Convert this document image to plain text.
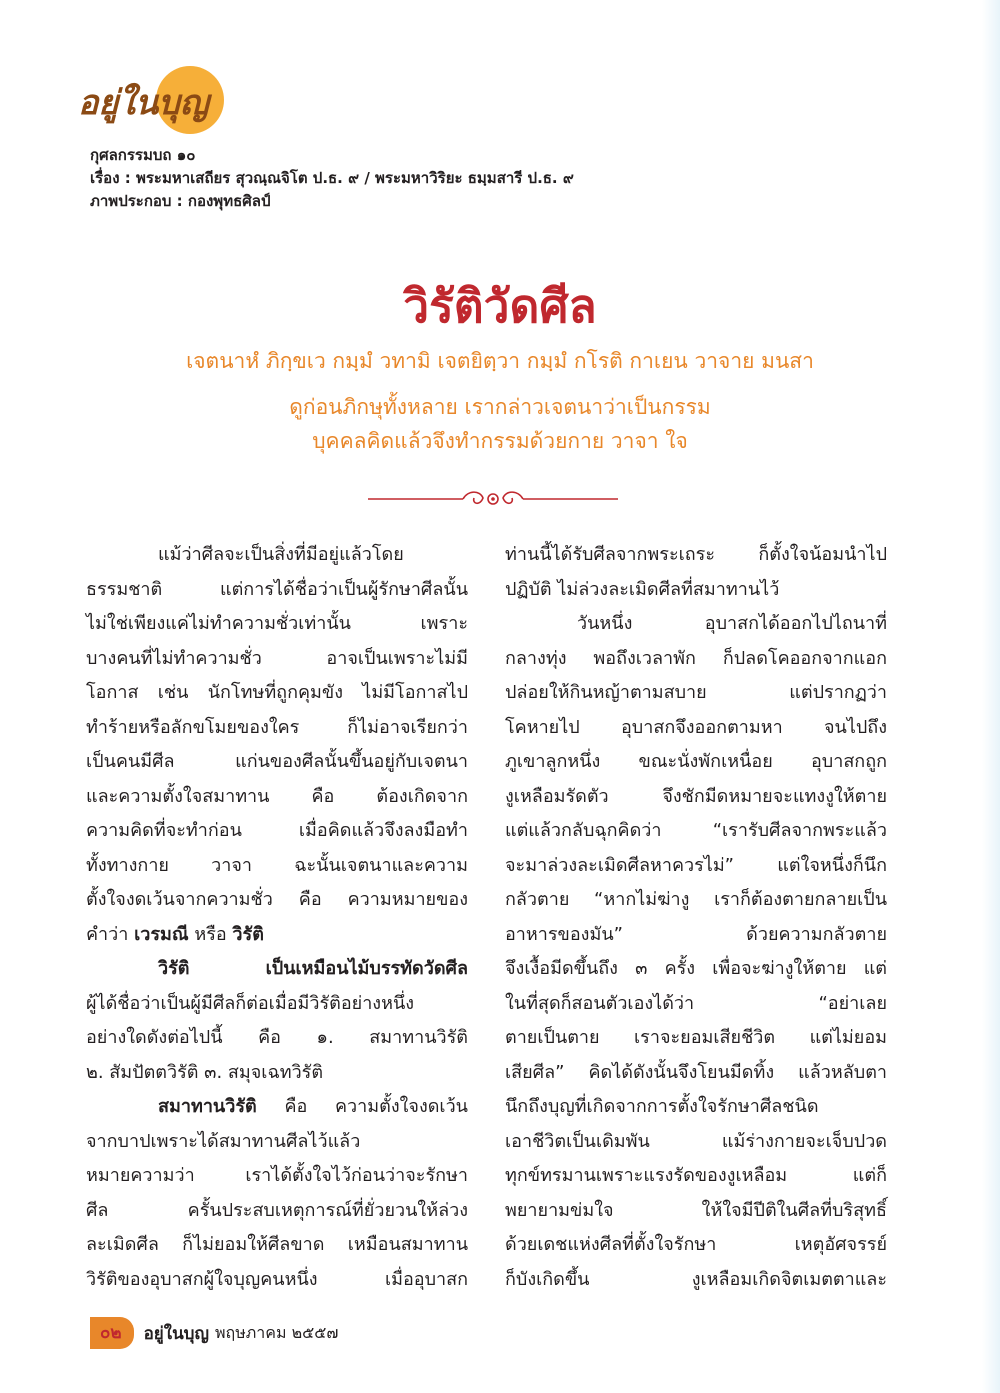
อยู่ในบุญ
กุศลกรรมบถ ๑๐
เรื่อง : พระมหาเสถียร สุวณฺณจิโต ป.ธ. ๙ / พระมหาวิริยะ ธมฺมสารี ป.ธ. ๙
ภาพประกอบ : กองพุทธศิลป์
วิรัติวัดศีล
เจตนาหํ ภิกฺขเว กมฺมํ วทามิ เจตยิตฺวา กมฺมํ กโรติ กาเยน วาจาย มนสา
ดูก่อนภิกษุทั้งหลาย เรากล่าวเจตนาว่าเป็นกรรม
บุคคลคิดแล้วจึงทำกรรมด้วยกาย วาจา ใจ

แม้ว่าศีลจะเป็นสิ่งที่มีอยู่แล้วโดย

ธรรมชาติ แต่การได้ชื่อว่าเป็นผู้รักษาศีลนั้น

ไม่ใช่เพียงแค่ไม่ทำความชั่วเท่านั้น เพราะ

บางคนที่ไม่ทำความชั่ว อาจเป็นเพราะไม่มี

โอกาส เช่น นักโทษที่ถูกคุมขัง ไม่มีโอกาสไป

ทำร้ายหรือลักขโมยของใคร ก็ไม่อาจเรียกว่า

เป็นคนมีศีล แก่นของศีลนั้นขึ้นอยู่กับเจตนา

และความตั้งใจสมาทาน คือ ต้องเกิดจาก

ความคิดที่จะทำก่อน เมื่อคิดแล้วจึงลงมือทำ

ทั้งทางกาย วาจา ฉะนั้นเจตนาและความ

ตั้งใจงดเว้นจากความชั่ว คือ ความหมายของ

คำว่า เวรมณี หรือ วิรัติ

วิรัติ เป็นเหมือนไม้บรรทัดวัดศีล

ผู้ได้ชื่อว่าเป็นผู้มีศีลก็ต่อเมื่อมีวิรัติอย่างหนึ่ง

อย่างใดดังต่อไปนี้ คือ ๑. สมาทานวิรัติ

๒. สัมปัตตวิรัติ ๓. สมุจเฉทวิรัติ

สมาทานวิรัติ คือ ความตั้งใจงดเว้น

จากบาปเพราะได้สมาทานศีลไว้แล้ว

หมายความว่า เราได้ตั้งใจไว้ก่อนว่าจะรักษา

ศีล ครั้นประสบเหตุการณ์ที่ยั่วยวนให้ล่วง

ละเมิดศีล ก็ไม่ยอมให้ศีลขาด เหมือนสมาทาน

วิรัติของอุบาสกผู้ใจบุญคนหนึ่ง เมื่ออุบาสก

ท่านนี้ได้รับศีลจากพระเถระ ก็ตั้งใจน้อมนำไป

ปฏิบัติ ไม่ล่วงละเมิดศีลที่สมาทานไว้

วันหนึ่ง อุบาสกได้ออกไปไถนาที่

กลางทุ่ง พอถึงเวลาพัก ก็ปลดโคออกจากแอก

ปล่อยให้กินหญ้าตามสบาย แต่ปรากฏว่า

โคหายไป อุบาสกจึงออกตามหา จนไปถึง

ภูเขาลูกหนึ่ง ขณะนั่งพักเหนื่อย อุบาสกถูก

งูเหลือมรัดตัว จึงชักมีดหมายจะแทงงูให้ตาย

แต่แล้วกลับฉุกคิดว่า “เรารับศีลจากพระแล้ว

จะมาล่วงละเมิดศีลหาควรไม่” แต่ใจหนึ่งก็นึก

กลัวตาย “หากไม่ฆ่างู เราก็ต้องตายกลายเป็น

อาหารของมัน” ด้วยความกลัวตาย

จึงเงื้อมีดขึ้นถึง ๓ ครั้ง เพื่อจะฆ่างูให้ตาย แต่

ในที่สุดก็สอนตัวเองได้ว่า “อย่าเลย

ตายเป็นตาย เราจะยอมเสียชีวิต แต่ไม่ยอม

เสียศีล” คิดได้ดังนั้นจึงโยนมีดทิ้ง แล้วหลับตา

นึกถึงบุญที่เกิดจากการตั้งใจรักษาศีลชนิด

เอาชีวิตเป็นเดิมพัน แม้ร่างกายจะเจ็บปวด

ทุกข์ทรมานเพราะแรงรัดของงูเหลือม แต่ก็

พยายามข่มใจ ให้ใจมีปีติในศีลที่บริสุทธิ์

ด้วยเดชแห่งศีลที่ตั้งใจรักษา เหตุอัศจรรย์

ก็บังเกิดขึ้น งูเหลือมเกิดจิตเมตตาและ

๐๒	อยู่ในบุญ พฤษภาคม ๒๕๕๗
